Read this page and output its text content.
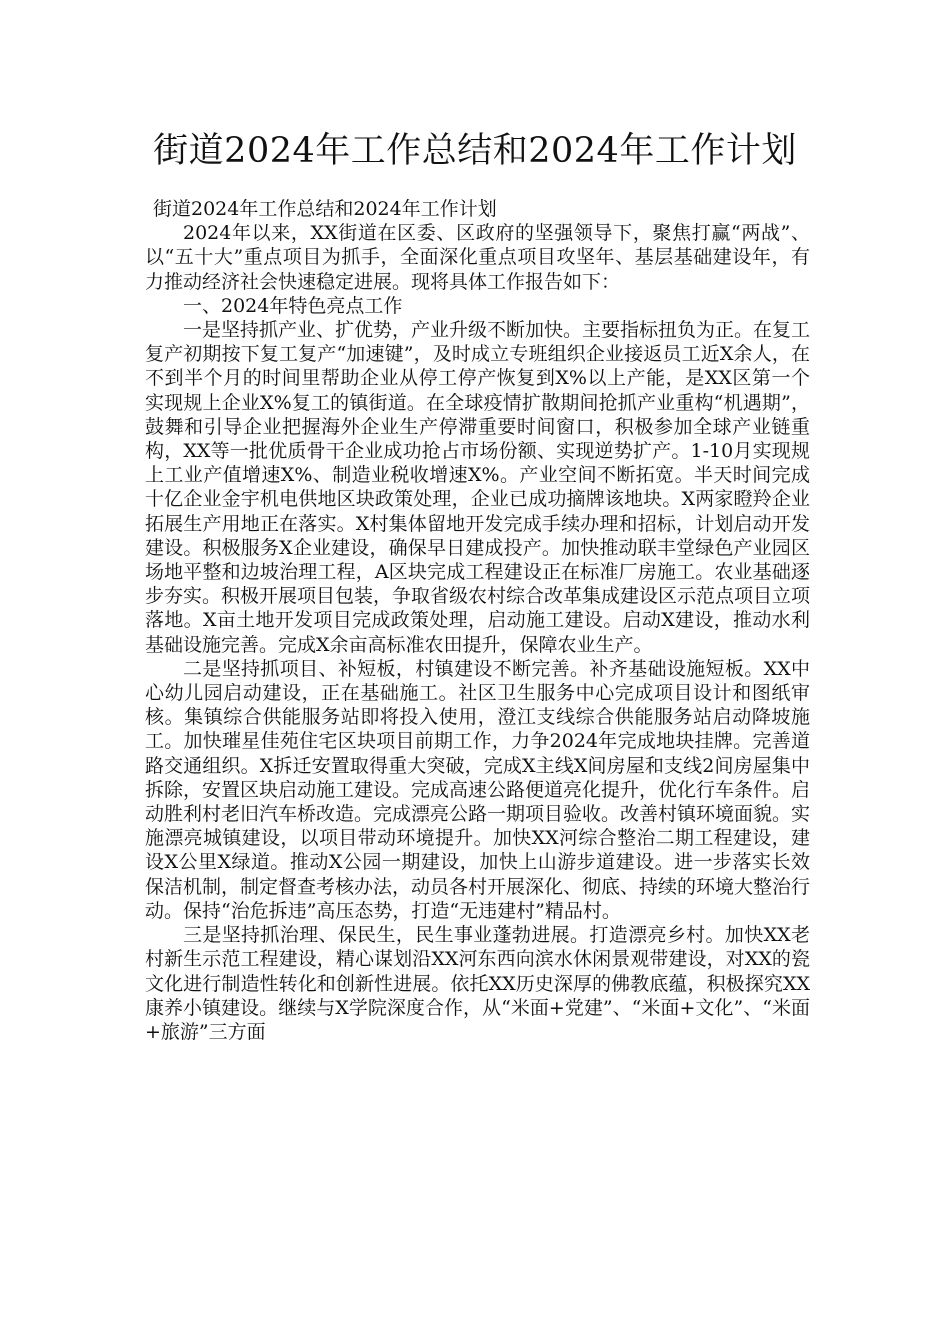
街道2024年工作总结和2024年工作计划

街道2024年工作总结和2024年工作计划

2024年以来，XX街道在区委、区政府的坚强领导下，聚焦打赢“两战”、以“五十大”重点项目为抓手，全面深化重点项目攻坚年、基层基础建设年，有力推动经济社会快速稳定进展。现将具体工作报告如下：

一、2024年特色亮点工作

一是坚持抓产业、扩优势，产业升级不断加快。主要指标扭负为正。在复工复产初期按下复工复产“加速键”，及时成立专班组织企业接返员工近X余人，在不到半个月的时间里帮助企业从停工停产恢复到X%以上产能，是XX区第一个实现规上企业X%复工的镇街道。在全球疫情扩散期间抢抓产业重构“机遇期”，鼓舞和引导企业把握海外企业生产停滞重要时间窗口，积极参加全球产业链重构，XX等一批优质骨干企业成功抢占市场份额、实现逆势扩产。1-10月实现规上工业产值增速X%、制造业税收增速X%。产业空间不断拓宽。半天时间完成十亿企业金宇机电供地区块政策处理，企业已成功摘牌该地块。X两家瞪羚企业拓展生产用地正在落实。X村集体留地开发完成手续办理和招标，计划启动开发建设。积极服务X企业建设，确保早日建成投产。加快推动联丰堂绿色产业园区场地平整和边坡治理工程，A区块完成工程建设正在标准厂房施工。农业基础逐步夯实。积极开展项目包装，争取省级农村综合改革集成建设区示范点项目立项落地。X亩土地开发项目完成政策处理，启动施工建设。启动X建设，推动水利基础设施完善。完成X余亩高标准农田提升，保障农业生产。

二是坚持抓项目、补短板，村镇建设不断完善。补齐基础设施短板。XX中心幼儿园启动建设，正在基础施工。社区卫生服务中心完成项目设计和图纸审核。集镇综合供能服务站即将投入使用，澄江支线综合供能服务站启动降坡施工。加快璀星佳苑住宅区块项目前期工作，力争2024年完成地块挂牌。完善道路交通组织。X拆迁安置取得重大突破，完成X主线X间房屋和支线2间房屋集中拆除，安置区块启动施工建设。完成高速公路便道亮化提升，优化行车条件。启动胜利村老旧汽车桥改造。完成漂亮公路一期项目验收。改善村镇环境面貌。实施漂亮城镇建设，以项目带动环境提升。加快XX河综合整治二期工程建设，建设X公里X绿道。推动X公园一期建设，加快上山游步道建设。进一步落实长效保洁机制，制定督查考核办法，动员各村开展深化、彻底、持续的环境大整治行动。保持“治危拆违”高压态势，打造“无违建村”精品村。

三是坚持抓治理、保民生，民生事业蓬勃进展。打造漂亮乡村。加快XX老村新生示范工程建设，精心谋划沿XX河东西向滨水休闲景观带建设，对XX的瓷文化进行制造性转化和创新性进展。依托XX历史深厚的佛教底蕴，积极探究XX康养小镇建设。继续与X学院深度合作，从“米面+党建”、“米面+文化”、“米面+旅游”三方面
